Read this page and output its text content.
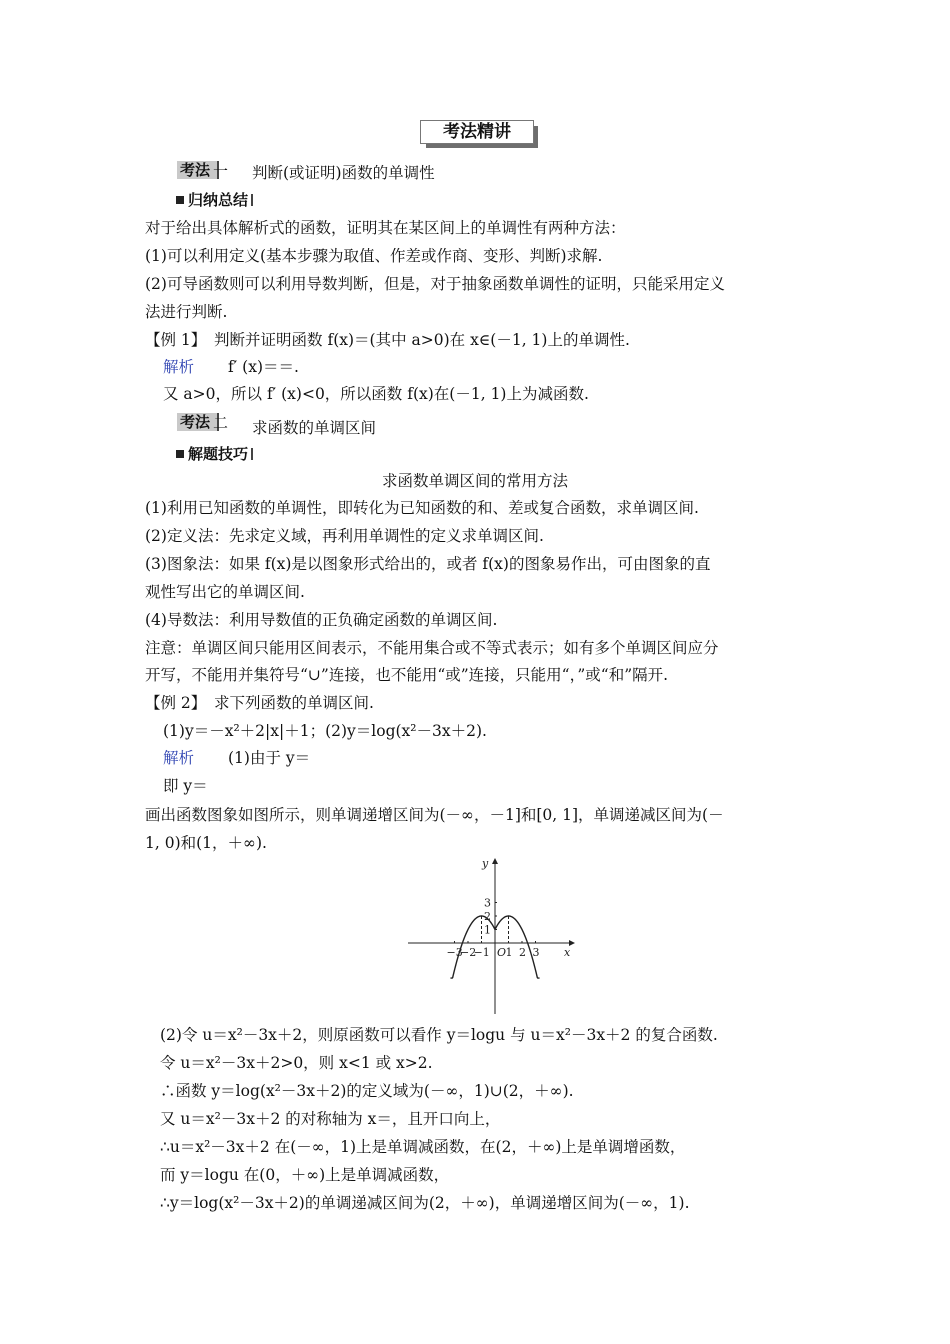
考法精讲
考法 一 判断(或证明)函数的单调性
归纳总结
对于给出具体解析式的函数，证明其在某区间上的单调性有两种方法：
(1)可以利用定义(基本步骤为取值、作差或作商、变形、判断)求解.
(2)可导函数则可以利用导数判断，但是，对于抽象函数单调性的证明，只能采用定义
法进行判断.
【例 1】　判断并证明函数 f(x)＝(其中 a>0)在 x∈(－1, 1)上的单调性.
解析 f′ (x)＝＝.
又 a>0，所以 f′ (x)<0，所以函数 f(x)在(－1, 1)上为减函数.
考法 二 求函数的单调区间
解题技巧
求函数单调区间的常用方法
(1)利用已知函数的单调性，即转化为已知函数的和、差或复合函数，求单调区间.
(2)定义法：先求定义域，再利用单调性的定义求单调区间.
(3)图象法：如果 f(x)是以图象形式给出的，或者 f(x)的图象易作出，可由图象的直
观性写出它的单调区间.
(4)导数法：利用导数值的正负确定函数的单调区间.
注意：单调区间只能用区间表示，不能用集合或不等式表示；如有多个单调区间应分
开写，不能用并集符号“∪”连接，也不能用“或”连接，只能用“，”或“和”隔开.
【例 2】　求下列函数的单调区间.
(1)y＝－x²＋2|x|＋1；(2)y＝log(x²－3x＋2).
解析 (1)由于 y＝
即 y＝
画出函数图象如图所示，则单调递增区间为(－∞，－1]和[0, 1]，单调递减区间为(－
1, 0)和(1，＋∞).
x
y
O
−3
−2
−1 1 2 3
1
2
3
(2)令 u＝x²－3x＋2，则原函数可以看作 y＝logu 与 u＝x²－3x＋2 的复合函数.
令 u＝x²－3x＋2>0，则 x<1 或 x>2.
∴函数 y＝log(x²－3x＋2)的定义域为(－∞，1)∪(2，＋∞).
又 u＝x²－3x＋2 的对称轴为 x＝，且开口向上，
∴u＝x²－3x＋2 在(－∞，1)上是单调减函数，在(2，＋∞)上是单调增函数，
而 y＝logu 在(0，＋∞)上是单调减函数，
∴y＝log(x²－3x＋2)的单调递减区间为(2，＋∞)，单调递增区间为(－∞，1).
